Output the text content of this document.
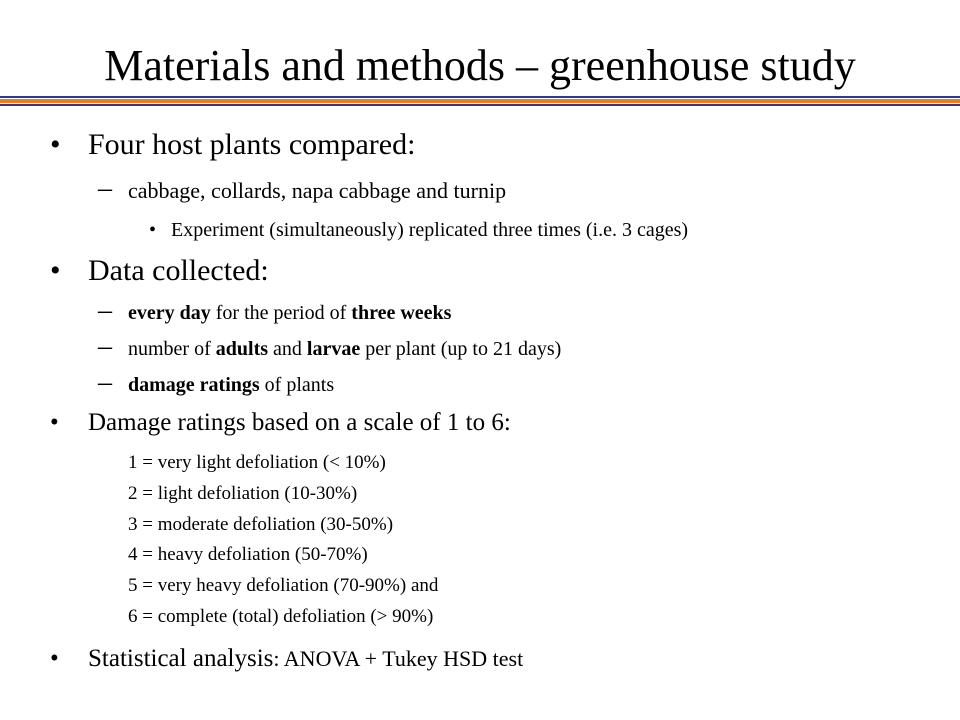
Materials and methods – greenhouse study
• Four host plants compared:
– cabbage, collards, napa cabbage and turnip
• Experiment (simultaneously) replicated three times (i.e. 3 cages)
• Data collected:
– every day for the period of three weeks
– number of adults and larvae per plant (up to 21 days)
– damage ratings of plants
• Damage ratings based on a scale of 1 to 6:
1 = very light defoliation (< 10%)
2 = light defoliation (10-30%)
3 = moderate defoliation (30-50%)
4 = heavy defoliation (50-70%)
5 = very heavy defoliation (70-90%) and
6 = complete (total) defoliation (> 90%)
• Statistical analysis: ANOVA + Tukey HSD test
